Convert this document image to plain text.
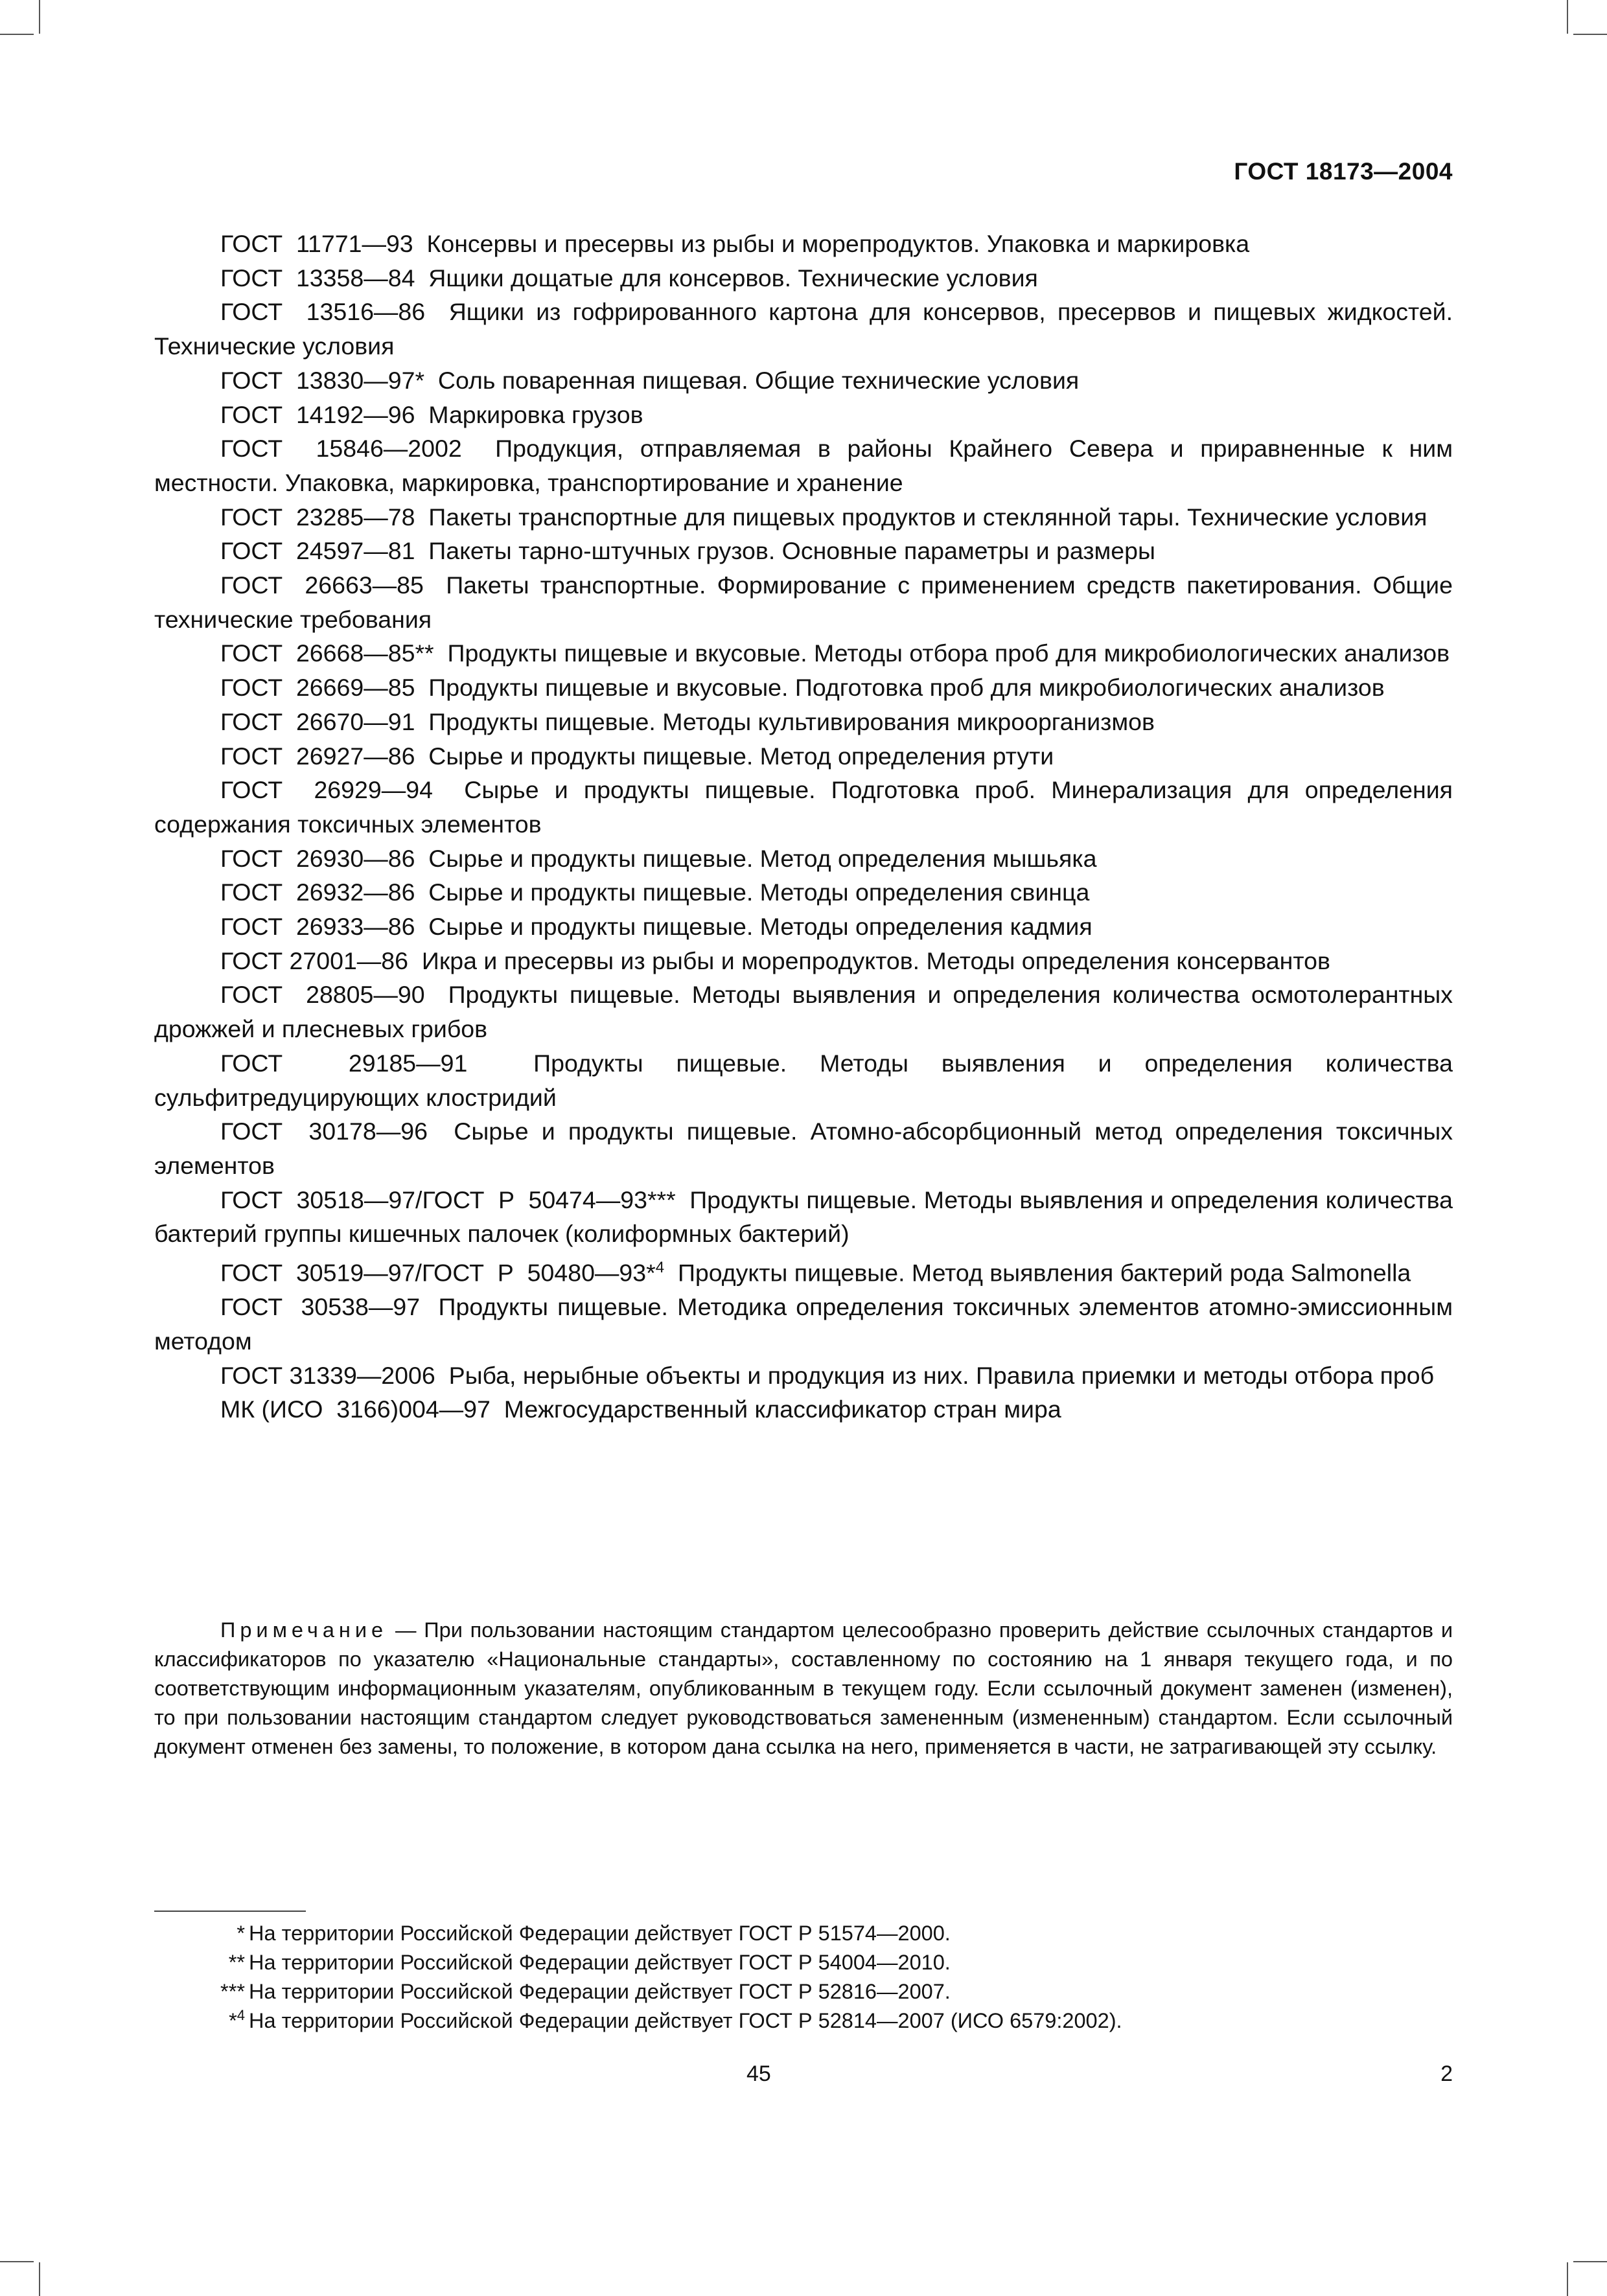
ГОСТ 18173—2004
ГОСТ  11771—93 Консервы и пресервы из рыбы и морепродуктов. Упаковка и маркировка
ГОСТ  13358—84 Ящики дощатые для консервов. Технические условия
ГОСТ  13516—86 Ящики из гофрированного картона для консервов, пресервов и пищевых жидкостей. Технические условия
ГОСТ  13830—97* Соль поваренная пищевая. Общие технические условия
ГОСТ  14192—96 Маркировка грузов
ГОСТ  15846—2002 Продукция, отправляемая в районы Крайнего Севера и приравненные к ним местности. Упаковка, маркировка, транспортирование и хранение
ГОСТ  23285—78 Пакеты транспортные для пищевых продуктов и стеклянной тары. Технические условия
ГОСТ  24597—81 Пакеты тарно-штучных грузов. Основные параметры и размеры
ГОСТ  26663—85 Пакеты транспортные. Формирование с применением средств пакетирования. Общие технические требования
ГОСТ  26668—85** Продукты пищевые и вкусовые. Методы отбора проб для микробиологических анализов
ГОСТ  26669—85 Продукты пищевые и вкусовые. Подготовка проб для микробиологических анализов
ГОСТ  26670—91 Продукты пищевые. Методы культивирования микроорганизмов
ГОСТ  26927—86 Сырье и продукты пищевые. Метод определения ртути
ГОСТ  26929—94 Сырье и продукты пищевые. Подготовка проб. Минерализация для определения содержания токсичных элементов
ГОСТ  26930—86 Сырье и продукты пищевые. Метод определения мышьяка
ГОСТ  26932—86 Сырье и продукты пищевые. Методы определения свинца
ГОСТ  26933—86 Сырье и продукты пищевые. Методы определения кадмия
ГОСТ 27001—86 Икра и пресервы из рыбы и морепродуктов. Методы определения консервантов
ГОСТ  28805—90 Продукты пищевые. Методы выявления и определения количества осмотолерантных дрожжей и плесневых грибов
ГОСТ  29185—91	Продукты пищевые. Методы выявления и определения количества сульфитредуцирующих клостридий
ГОСТ  30178—96 Сырье и продукты пищевые. Атомно-абсорбционный метод определения токсичных элементов
ГОСТ  30518—97/ГОСТ  Р  50474—93*** Продукты пищевые. Методы выявления и определения количества бактерий группы кишечных палочек (колиформных бактерий)
ГОСТ  30519—97/ГОСТ  Р  50480—93*$^4$ Продукты пищевые. Метод выявления бактерий рода Salmonella
ГОСТ  30538—97 Продукты пищевые. Методика определения токсичных элементов атомно-эмиссионным методом
ГОСТ 31339—2006 Рыба, нерыбные объекты и продукция из них. Правила приемки и методы отбора проб
МК (ИСО  3166)004—97 Межгосударственный классификатор стран мира
Примечание — При пользовании настоящим стандартом целесообразно проверить действие ссылочных стандартов и классификаторов по указателю «Национальные стандарты», составленному по состоянию на 1 января текущего года, и по соответствующим информационным указателям, опубликованным в текущем году. Если ссылочный документ заменен (изменен), то при пользовании настоящим стандартом следует руководствоваться замененным (измененным) стандартом. Если ссылочный документ отменен без замены, то положение, в котором дана ссылка на него, применяется в части, не затрагивающей эту ссылку.
* На территории Российской Федерации действует ГОСТ Р 51574—2000.
** На территории Российской Федерации действует ГОСТ Р 54004—2010.
*** На территории Российской Федерации действует ГОСТ Р 52816—2007.
*$^4$ На территории Российской Федерации действует ГОСТ Р 52814—2007 (ИСО 6579:2002).
45	2
